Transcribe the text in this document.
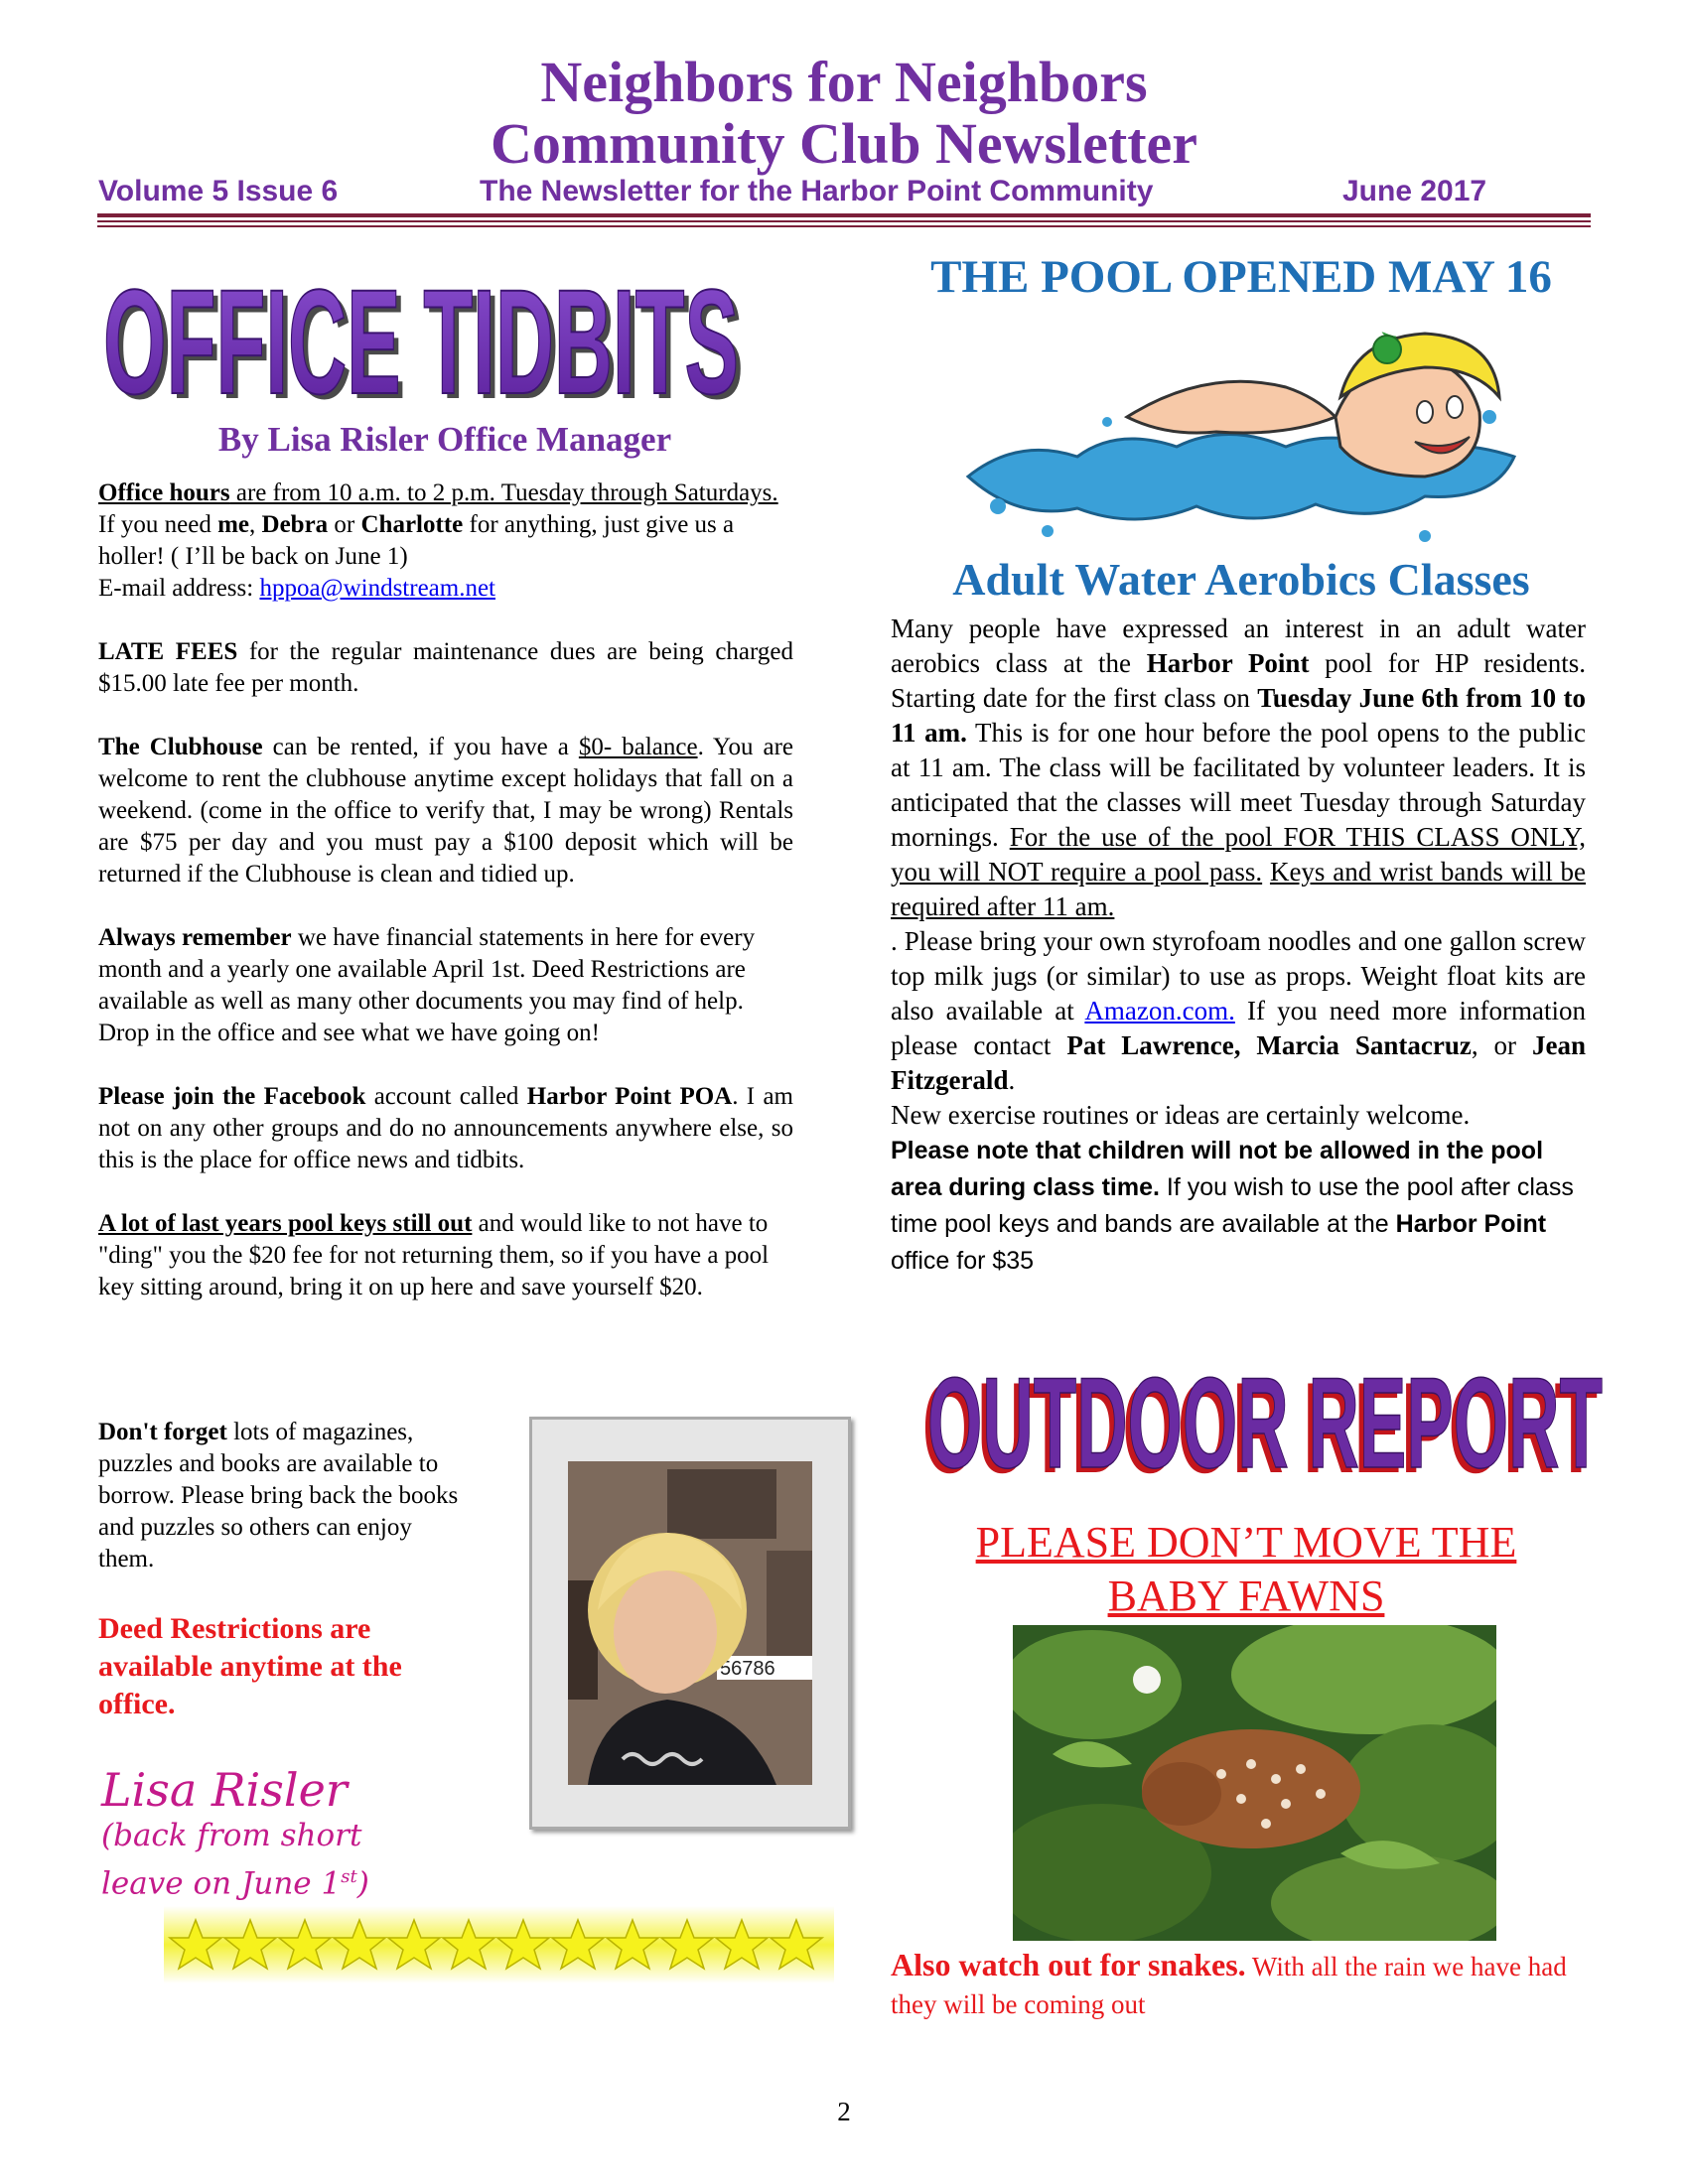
Neighbors for Neighbors
Community Club Newsletter
Volume 5 Issue 6	The Newsletter for the Harbor Point Community	June 2017
OFFICE TIDBITS
OFFICE TIDBITS
By Lisa Risler Office Manager

Office hours are from 10 a.m. to 2 p.m. Tuesday through Saturdays. If you need me, Debra or Charlotte for anything, just give us a holler! ( I’ll be back on June 1)
E-mail address: hppoa@windstream.net

LATE FEES for the regular maintenance dues are being charged $15.00 late fee per month.

The Clubhouse can be rented, if you have a $0- balance. You are welcome to rent the clubhouse anytime except holidays that fall on a weekend. (come in the office to verify that, I may be wrong) Rentals are $75 per day and you must pay a $100 deposit which will be returned if the Clubhouse is clean and tidied up.

Always remember we have financial statements in here for every month and a yearly one available April 1st. Deed Restrictions are available as well as many other documents you may find of help. Drop in the office and see what we have going on!

Please join the Facebook account called Harbor Point POA. I am not on any other groups and do no announcements anywhere else, so this is the place for office news and tidbits.

A lot of last years pool keys still out and would like to not have to "ding" you the $20 fee for not returning them, so if you have a pool key sitting around, bring it on up here and save yourself $20.

Don't forget lots of magazines, puzzles and books are available to borrow. Please bring back the books and puzzles so others can enjoy them.
Deed Restrictions are available anytime at the office.
Lisa Risler
(back from short
leave on June 1st)
56786
THE POOL OPENED MAY 16
Adult Water Aerobics Classes

Many people have expressed an interest in an adult water aerobics class at the Harbor Point pool for HP residents. Starting date for the first class on Tuesday June 6th from 10 to 11 am. This is for one hour before the pool opens to the public at 11 am. The class will be facilitated by volunteer leaders. It is anticipated that the classes will meet Tuesday through Saturday mornings. For the use of the pool FOR THIS CLASS ONLY, you will NOT require a pool pass. Keys and wrist bands will be required after 11 am.

. Please bring your own styrofoam noodles and one gallon screw top milk jugs (or similar) to use as props. Weight float kits are also available at Amazon.com. If you need more information please contact Pat Lawrence, Marcia Santacruz, or Jean Fitzgerald.

New exercise routines or ideas are certainly welcome.

Please note that children will not be allowed in the pool area during class time. If you wish to use the pool after class time pool keys and bands are available at the Harbor Point office for $35

OUTDOOR REPORT
OUTDOOR REPORT
PLEASE DON’T MOVE THE
BABY FAWNS
Also watch out for snakes. With all the rain we have had they will be coming out
2
